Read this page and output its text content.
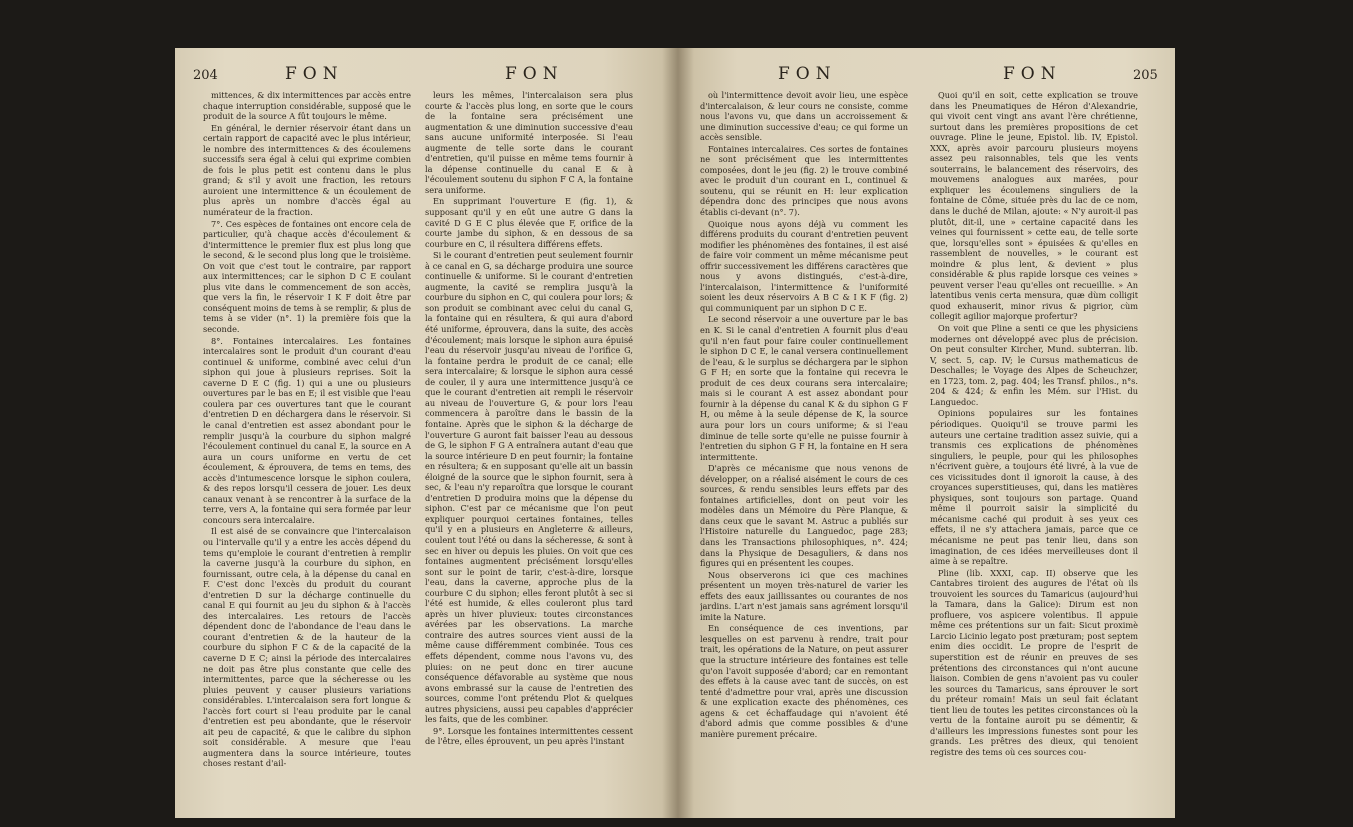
204	FON	FON

mittences, & dix intermittences par accès entre chaque interruption considérable, supposé que le produit de la source A fût toujours le même.

En général, le dernier réservoir étant dans un certain rapport de capacité avec le plus intérieur, le nombre des intermittences & des écoulemens successifs sera égal à celui qui exprime combien de fois le plus petit est contenu dans le plus grand; & s'il y avoit une fraction, les retours auroient une intermittence & un écoulement de plus après un nombre d'accès égal au numérateur de la fraction.

7°. Ces espèces de fontaines ont encore cela de particulier, qu'à chaque accès d'écoulement & d'intermittence le premier flux est plus long que le second, & le second plus long que le troisième. On voit que c'est tout le contraire, par rapport aux intermittences; car le siphon D C E coulant plus vite dans le commencement de son accès, que vers la fin, le réservoir I K F doit être par conséquent moins de tems à se remplir, & plus de tems à se vider (n°. 1) la première fois que la seconde.

8°. Fontaines intercalaires. Les fontaines intercalaires sont le produit d'un courant d'eau continuel & uniforme, combiné avec celui d'un siphon qui joue à plusieurs reprises. Soit la caverne D E C (fig. 1) qui a une ou plusieurs ouvertures par le bas en E; il est visible que l'eau coulera par ces ouvertures tant que le courant d'entretien D en déchargera dans le réservoir. Si le canal d'entretien est assez abondant pour le remplir jusqu'à la courbure du siphon malgré l'écoulement continuel du canal E, la source en A aura un cours uniforme en vertu de cet écoulement, & éprouvera, de tems en tems, des accès d'intumescence lorsque le siphon coulera, & des repos lorsqu'il cessera de jouer. Les deux canaux venant à se rencontrer à la surface de la terre, vers A, la fontaine qui sera formée par leur concours sera intercalaire.

Il est aisé de se convaincre que l'intercalaison ou l'intervalle qu'il y a entre les accès dépend du tems qu'emploie le courant d'entretien à remplir la caverne jusqu'à la courbure du siphon, en fournissant, outre cela, à la dépense du canal en F. C'est donc l'excès du produit du courant d'entretien D sur la décharge continuelle du canal E qui fournit au jeu du siphon & à l'accès des intercalaires. Les retours de l'accès dépendent donc de l'abondance de l'eau dans le courant d'entretien & de la hauteur de la courbure du siphon F C & de la capacité de la caverne D E C; ainsi la période des intercalaires ne doit pas être plus constante que celle des intermittentes, parce que la sécheresse ou les pluies peuvent y causer plusieurs variations considérables. L'intercalaison sera fort longue & l'accès fort court si l'eau produite par le canal d'entretien est peu abondante, que le réservoir ait peu de capacité, & que le calibre du siphon soit considérable. A mesure que l'eau augmentera dans la source intérieure, toutes choses restant d'ail-

leurs les mêmes, l'intercalaison sera plus courte & l'accès plus long, en sorte que le cours de la fontaine sera précisément une augmentation & une diminution successive d'eau sans aucune uniformité interposée. Si l'eau augmente de telle sorte dans le courant d'entretien, qu'il puisse en même tems fournir à la dépense continuelle du canal E & à l'écoulement soutenu du siphon F C A, la fontaine sera uniforme.

En supprimant l'ouverture E (fig. 1), & supposant qu'il y en eût une autre G dans la cavité D G E C plus élevée que F, orifice de la courte jambe du siphon, & en dessous de sa courbure en C, il résultera différens effets.

Si le courant d'entretien peut seulement fournir à ce canal en G, sa décharge produira une source continuelle & uniforme. Si le courant d'entretien augmente, la cavité se remplira jusqu'à la courbure du siphon en C, qui coulera pour lors; & son produit se combinant avec celui du canal G, la fontaine qui en résultera, & qui aura d'abord été uniforme, éprouvera, dans la suite, des accès d'écoulement; mais lorsque le siphon aura épuisé l'eau du réservoir jusqu'au niveau de l'orifice G, la fontaine perdra le produit de ce canal; elle sera intercalaire; & lorsque le siphon aura cessé de couler, il y aura une intermittence jusqu'à ce que le courant d'entretien ait rempli le réservoir au niveau de l'ouverture G, & pour lors l'eau commencera à paroître dans le bassin de la fontaine. Après que le siphon & la décharge de l'ouverture G auront fait baisser l'eau au dessous de G, le siphon F G A entraînera autant d'eau que la source intérieure D en peut fournir; la fontaine en résultera; & en supposant qu'elle ait un bassin éloigné de la source que le siphon fournit, sera à sec, & l'eau n'y reparoîtra que lorsque le courant d'entretien D produira moins que la dépense du siphon. C'est par ce mécanisme que l'on peut expliquer pourquoi certaines fontaines, telles qu'il y en a plusieurs en Angleterre & ailleurs, coulent tout l'été ou dans la sécheresse, & sont à sec en hiver ou depuis les pluies. On voit que ces fontaines augmentent précisément lorsqu'elles sont sur le point de tarir, c'est-à-dire, lorsque l'eau, dans la caverne, approche plus de la courbure C du siphon; elles feront plutôt à sec si l'été est humide, & elles couleront plus tard après un hiver pluvieux: toutes circonstances avérées par les observations. La marche contraire des autres sources vient aussi de la même cause différemment combinée. Tous ces effets dépendent, comme nous l'avons vu, des pluies: on ne peut donc en tirer aucune conséquence défavorable au système que nous avons embrassé sur la cause de l'entretien des sources, comme l'ont prétendu Plot & quelques autres physiciens, aussi peu capables d'apprécier les faits, que de les combiner.

9°. Lorsque les fontaines intermittentes cessent de l'être, elles éprouvent, un peu après l'instant

FON	FON	205

où l'intermittence devoit avoir lieu, une espèce d'intercalaison, & leur cours ne consiste, comme nous l'avons vu, que dans un accroissement & une diminution successive d'eau; ce qui forme un accès sensible.

Fontaines intercalaires. Ces sortes de fontaines ne sont précisément que les intermittentes composées, dont le jeu (fig. 2) le trouve combiné avec le produit d'un courant en L, continuel & soutenu, qui se réunit en H: leur explication dépendra donc des principes que nous avons établis ci-devant (n°. 7).

Quoique nous ayons déjà vu comment les différens produits du courant d'entretien peuvent modifier les phénomènes des fontaines, il est aisé de faire voir comment un même mécanisme peut offrir successivement les différens caractères que nous y avons distingués, c'est-à-dire, l'intercalaison, l'intermittence & l'uniformité soient les deux réservoirs A B C & I K F (fig. 2) qui communiquent par un siphon D C E.

Le second réservoir a une ouverture par le bas en K. Si le canal d'entretien A fournit plus d'eau qu'il n'en faut pour faire couler continuellement le siphon D C E, le canal versera continuellement de l'eau, & le surplus se déchargera par le siphon G F H; en sorte que la fontaine qui recevra le produit de ces deux courans sera intercalaire; mais si le courant A est assez abondant pour fournir à la dépense du canal K & du siphon G F H, ou même à la seule dépense de K, la source aura pour lors un cours uniforme; & si l'eau diminue de telle sorte qu'elle ne puisse fournir à l'entretien du siphon G F H, la fontaine en H sera intermittente.

D'après ce mécanisme que nous venons de développer, on a réalisé aisément le cours de ces sources, & rendu sensibles leurs effets par des fontaines artificielles, dont on peut voir les modèles dans un Mémoire du Père Planque, & dans ceux que le savant M. Astruc a publiés sur l'Histoire naturelle du Languedoc, page 283; dans les Transactions philosophiques, n°. 424; dans la Physique de Desaguliers, & dans nos figures qui en présentent les coupes.

Nous observerons ici que ces machines présentent un moyen très-naturel de varier les effets des eaux jaillissantes ou courantes de nos jardins. L'art n'est jamais sans agrément lorsqu'il imite la Nature.

En conséquence de ces inventions, par lesquelles on est parvenu à rendre, trait pour trait, les opérations de la Nature, on peut assurer que la structure intérieure des fontaines est telle qu'on l'avoit supposée d'abord; car en remontant des effets à la cause avec tant de succès, on est tenté d'admettre pour vrai, après une discussion & une explication exacte des phénomènes, ces agens & cet échaffaudage qui n'avoient été d'abord admis que comme possibles & d'une manière purement précaire.

Quoi qu'il en soit, cette explication se trouve dans les Pneumatiques de Héron d'Alexandrie, qui vivoit cent vingt ans avant l'ère chrétienne, surtout dans les premières propositions de cet ouvrage. Pline le jeune, Epistol. lib. IV, Epistol. XXX, après avoir parcouru plusieurs moyens assez peu raisonnables, tels que les vents souterrains, le balancement des réservoirs, des mouvemens analogues aux marées, pour expliquer les écoulemens singuliers de la fontaine de Côme, située près du lac de ce nom, dans le duché de Milan, ajoute: « N'y auroit-il pas plutôt, dit-il, une » certaine capacité dans les veines qui fournissent » cette eau, de telle sorte que, lorsqu'elles sont » épuisées & qu'elles en rassemblent de nouvelles, » le courant est moindre & plus lent, & devient » plus considérable & plus rapide lorsque ces veines » peuvent verser l'eau qu'elles ont recueillie. » An latentibus venis certa mensura, quæ dùm colligit quod exhauserit, minor rivus & pigrior, cùm collegit agilior majorque profertur?

On voit que Pline a senti ce que les physiciens modernes ont développé avec plus de précision. On peut consulter Kircher, Mund. subterran. lib. V, sect. 5, cap. IV; le Cursus mathematicus de Deschalles; le Voyage des Alpes de Scheuchzer, en 1723, tom. 2, pag. 404; les Transf. philos., n°s. 204 & 424; & enfin les Mém. sur l'Hist. du Languedoc.

Opinions populaires sur les fontaines périodiques. Quoiqu'il se trouve parmi les auteurs une certaine tradition assez suivie, qui a transmis ces explications de phénomènes singuliers, le peuple, pour qui les philosophes n'écrivent guère, a toujours été livré, à la vue de ces vicissitudes dont il ignoroit la cause, à des croyances superstitieuses, qui, dans les matières physiques, sont toujours son partage. Quand même il pourroit saisir la simplicité du mécanisme caché qui produit à ses yeux ces effets, il ne s'y attachera jamais, parce que ce mécanisme ne peut pas tenir lieu, dans son imagination, de ces idées merveilleuses dont il aime à se repaître.

Pline (lib. XXXI, cap. II) observe que les Cantabres tiroient des augures de l'état où ils trouvoient les sources du Tamaricus (aujourd'hui la Tamara, dans la Galice): Dirum est non profluere, vos aspicere volentibus. Il appuie même ces prétentions sur un fait: Sicut proximè Larcio Licinio legato post præturam; post septem enim dies occidit. Le propre de l'esprit de superstition est de réunir en preuves de ses prétentions des circonstances qui n'ont aucune liaison. Combien de gens n'avoient pas vu couler les sources du Tamaricus, sans éprouver le sort du préteur romain! Mais un seul fait éclatant tient lieu de toutes les petites circonstances où la vertu de la fontaine auroit pu se démentir, & d'ailleurs les impressions funestes sont pour les grands. Les prêtres des dieux, qui tenoient registre des tems où ces sources cou-
